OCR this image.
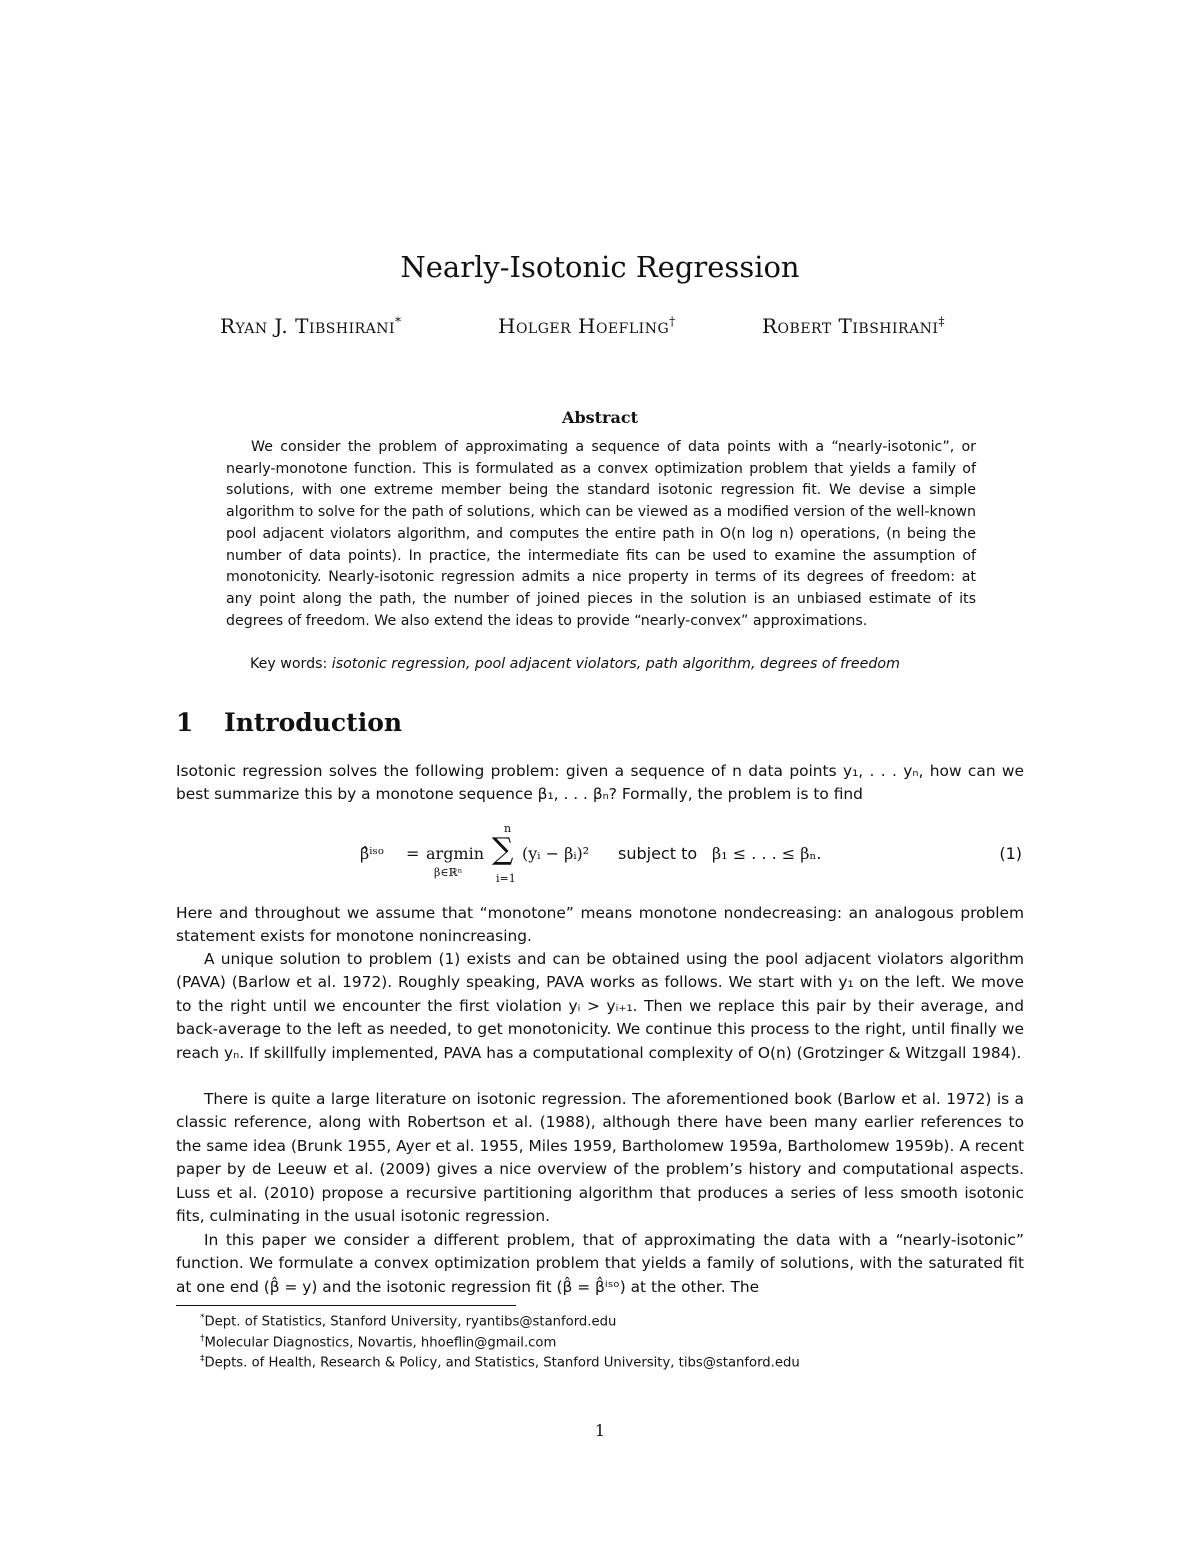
Nearly-Isotonic Regression
Ryan J. Tibshirani*	Holger Hoefling†	Robert Tibshirani‡
Abstract

We consider the problem of approximating a sequence of data points with a “nearly-isotonic”, or nearly-monotone function. This is formulated as a convex optimization problem that yields a family of solutions, with one extreme member being the standard isotonic regression fit. We devise a simple algorithm to solve for the path of solutions, which can be viewed as a modified version of the well-known pool adjacent violators algorithm, and computes the entire path in O(n log n) operations, (n being the number of data points). In practice, the intermediate fits can be used to examine the assumption of monotonicity. Nearly-isotonic regression admits a nice property in terms of its degrees of freedom: at any point along the path, the number of joined pieces in the solution is an unbiased estimate of its degrees of freedom. We also extend the ideas to provide “nearly-convex” approximations.

Key words: isotonic regression, pool adjacent violators, path algorithm, degrees of freedom
1 Introduction

Isotonic regression solves the following problem: given a sequence of n data points y₁, . . . yₙ, how can we best summarize this by a monotone sequence β₁, . . . βₙ? Formally, the problem is to find

β̂ⁱˢᵒ = argmin
β∈ℝⁿ
n
∑
i=1
(yᵢ − βᵢ)² subject to β₁ ≤ . . . ≤ βₙ.	(1)

Here and throughout we assume that “monotone” means monotone nondecreasing: an analogous problem statement exists for monotone nonincreasing.

A unique solution to problem (1) exists and can be obtained using the pool adjacent violators algorithm (PAVA) (Barlow et al. 1972). Roughly speaking, PAVA works as follows. We start with y₁ on the left. We move to the right until we encounter the first violation yᵢ > yᵢ₊₁. Then we replace this pair by their average, and back-average to the left as needed, to get monotonicity. We continue this process to the right, until finally we reach yₙ. If skillfully implemented, PAVA has a computational complexity of O(n) (Grotzinger & Witzgall 1984).

There is quite a large literature on isotonic regression. The aforementioned book (Barlow et al. 1972) is a classic reference, along with Robertson et al. (1988), although there have been many earlier references to the same idea (Brunk 1955, Ayer et al. 1955, Miles 1959, Bartholomew 1959a, Bartholomew 1959b). A recent paper by de Leeuw et al. (2009) gives a nice overview of the problem’s history and computational aspects. Luss et al. (2010) propose a recursive partitioning algorithm that produces a series of less smooth isotonic fits, culminating in the usual isotonic regression.

In this paper we consider a different problem, that of approximating the data with a “nearly-isotonic” function. We formulate a convex optimization problem that yields a family of solutions, with the saturated fit at one end (β̂ = y) and the isotonic regression fit (β̂ = β̂ⁱˢᵒ) at the other. The

*Dept. of Statistics, Stanford University, ryantibs@stanford.edu
†Molecular Diagnostics, Novartis, hhoeflin@gmail.com
‡Depts. of Health, Research & Policy, and Statistics, Stanford University, tibs@stanford.edu
1
